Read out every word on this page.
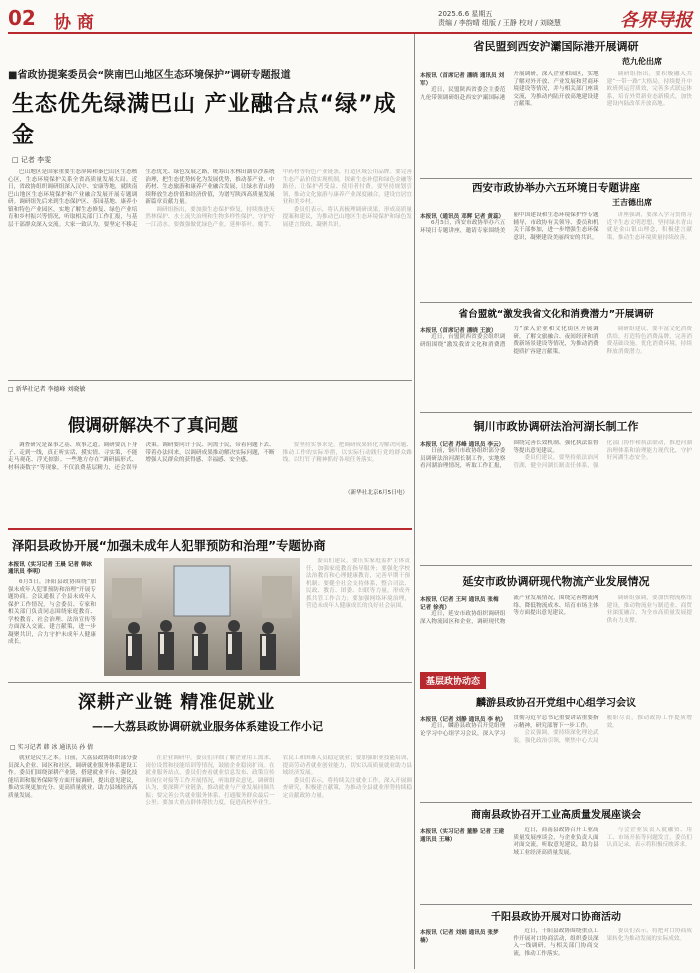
02 协 商	2025.6.6 星期五
责编 / 李韵晴 组版 / 王静 校对 / 刘晓慧	各界导报
■省政协提案委员会“陕南巴山地区生态环境保护”调研专题报道
生态优先绿满巴山 产业融合点“绿”成金
□ 记者 李雯

巴山地区是国家重要生态屏障和秦巴山区生态核心区，生态环境保护关系全省高质量发展大局。近日，省政协组织调研组深入汉中、安康等地，就陕南巴山地区生态环境保护和产业融合发展开展专题调研。调研组先后来到生态保护区、茶园基地、康养小镇和特色产业园区，实地了解生态修复、绿色产业培育和乡村振兴等情况，听取相关部门工作汇报，与基层干部群众深入交流。大家一致认为，要坚定不移走生态优先、绿色发展之路，统筹山水林田湖草沙系统治理，把生态优势转化为发展优势，推动茶产业、中药材、生态旅游和康养产业融合发展，让绿水青山持续释放生态价值和经济价值，为谱写陕西高质量发展新篇章贡献力量。

调研组指出，要加强生态保护修复，持续推进天然林保护、水土流失治理和生物多样性保护，守护好一江清水。要做强做优绿色产业，延伸茶叶、魔芋、中药材等特色产业链条，打造区域公用品牌。要完善生态产品价值实现机制，探索生态补偿和绿色金融等路径，让保护者受益、使用者付费。要坚持规划引领，推动文化旅游与康养产业深度融合，建设宜居宜业和美乡村。

委员们表示，将认真梳理调研成果，形成高质量提案和建议，为推动巴山地区生态环境保护和绿色发展建言资政、凝聚共识。

□ 新华社记者 李德峰 刘晓敏
假调研解决不了真问题

调查研究是谋事之基、成事之道。调研要沉下身子、走到一线，真正听实话、摸实情、寻实策，不能走马观花、浮光掠影。一些地方存在“调研搞形式、材料凑数字”等现象，不仅浪费基层精力，还会误导决策。调研要问计于民、问需于民，带着问题下去、带着办法回来，以调研成果推动解决实际问题，不断增强人民群众的获得感、幸福感、安全感。

要坚持实事求是，把调研成果转化为解决问题、推动工作的实际举措，以实际行动践行党的群众路线，以钉钉子精神抓好各项任务落实。

（新华社北京6月5日电）
泽阳县政协开展“加强未成年人犯罪预防和治理”专题协商
本报讯（实习记者 王晨 记者 韩冰 通讯员 李明）

6月5日，泽阳县政协围绕“加强未成年人犯罪预防和治理”开展专题协商。会议通报了全县未成年人保护工作情况，与会委员、专家和相关部门负责同志围绕家庭教育、学校教育、社会治理、法治宣传等方面深入交流、建言献策，进一步凝聚共识，合力守护未成年人健康成长。

委员们建议，要压实家庭监护主体责任，加强家庭教育指导服务；要强化学校法治教育和心理健康教育，完善早期干预机制；要健全社会支持体系，整合司法、民政、教育、团委、妇联等力量，形成齐抓共管工作合力；要加强网络环境治理，营造未成年人健康成长的良好社会氛围。

深耕产业链 精准促就业
——大荔县政协调研就业服务体系建设工作小记
□ 实习记者 韩 冰 通讯员 孙 倩

就业是民生之本。日前，大荔县政协组织部分委员深入企业、园区和社区，调研就业服务体系建设工作。委员们围绕深耕产业链、搭建就业平台、强化技能培训和服务保障等方面开展调研，提出意见建议，推动实现更加充分、更高质量就业，助力县域经济高质量发展。

在企业调研中，委员们详细了解企业用工需求、岗位设置和技能培训等情况，鼓励企业稳岗扩岗。在就业服务站点，委员们查看就业信息发布、政策宣传和岗位对接等工作开展情况，听取群众意见。调研组认为，要深耕产业链条，推动就业与产业发展同频共振；要完善公共就业服务体系，打通服务群众最后一公里；要加大重点群体帮扶力度，促进高校毕业生、农民工和困难人员稳定就业；要加强职业技能培训，提高劳动者就业创业能力，切实以高质量就业助力县域经济发展。

委员们表示，将持续关注就业工作，深入开展调查研究，积极建言献策，为推动全县就业形势持续稳定贡献政协力量。

省民盟到西安沪灞国际港开展调研
范九伦出席
本报讯（首席记者 潘晓 通讯员 刘军）

近日，民盟陕西省委会主委范九伦带领调研组赴西安沪灞国际港开展调研，深入企业和园区，实地了解对外开放、产业发展和营商环境建设等情况，并与相关部门座谈交流，为推动内陆开放高地建设建言献策。

调研组指出，要积极融入共建“一带一路”大格局，持续提升中欧班列运营质效，完善多式联运体系，培育外贸新业态新模式，加快建设内陆改革开放高地。

西安市政协举办六五环境日专题讲座
王吉德出席
本报讯（通讯员 邓辉 记者 黄蕊）

6月5日，西安市政协举办六五环境日专题讲座，邀请专家围绕美丽中国建设和生态环境保护作专题辅导，市政协有关领导、委员和机关干部参加，进一步增强生态环保意识，凝聚建设美丽西安的共识。

讲座强调，要深入学习贯彻习近平生态文明思想，坚持绿水青山就是金山银山理念，积极建言献策，推动生态环境质量持续改善。

省台盟就“激发我省文化和消费潜力”开展调研
本报讯（首席记者 潘晓 王波）

近日，台盟陕西省委会组织调研组围绕“激发我省文化和消费潜力”深入企业和文化街区开展调研，了解文旅融合、夜间经济和消费新场景建设等情况，为推动消费提质扩容建言献策。

调研组建议，要丰富文化消费供给，打造特色消费品牌，完善消费基础设施，优化消费环境，持续释放消费潜力。

铜川市政协调研法治河湖长制工作
本报讯（记者 苏峰 通讯员 李云）

日前，铜川市政协组织部分委员调研法治河湖长制工作，实地察看河湖治理情况，听取工作汇报，围绕完善长效机制、强化执法监督等提出意见建议。

委员们建议，要坚持依法治河管湖，健全河湖长制责任体系，强化部门协作和执法联动，推进河湖治理体系和治理能力现代化，守护好河湖生态安全。

延安市政协调研现代物流产业发展情况
本报讯（记者 王珂 通讯员 张梅 记者 徐亮）

近日，延安市政协组织调研组深入物流园区和企业，调研现代物流产业发展情况，围绕完善物流网络、降低物流成本、培育市场主体等方面提出意见建议。

调研组强调，要加快物流枢纽建设，推动物流业与制造业、商贸业深度融合，为全市高质量发展提供有力支撑。

基层政协动态
麟游县政协召开党组中心组学习会议
本报讯（记者 刘静 通讯员 李 杭）

近日，麟游县政协召开党组理论学习中心组学习会议，深入学习贯彻习近平总书记重要讲话重要指示精神，研究部署下一步工作。

会议强调，要持续深化理论武装，强化政治引领，聚焦中心大局履职尽责，推动政协工作提质增效。

商南县政协召开工业高质量发展座谈会
本报讯（实习记者 董静 记者 王建 通讯员 王琳）

近日，商南县政协召开工业高质量发展座谈会，与企业负责人面对面交流，听取意见建议，助力县域工业经济高质量发展。

与会企业负责人就融资、用工、市场开拓等问题发言，委员们认真记录，表示将积极反映诉求。

千阳县政协开展对口协商活动
本报讯（记者 刘娟 通讯员 张梦楠）

近日，千阳县政协围绕重点工作开展对口协商活动，组织委员深入一线调研，与相关部门协商交流，推动工作落实。

委员们表示，将把对口协商成果转化为推动发展的实际成效。
